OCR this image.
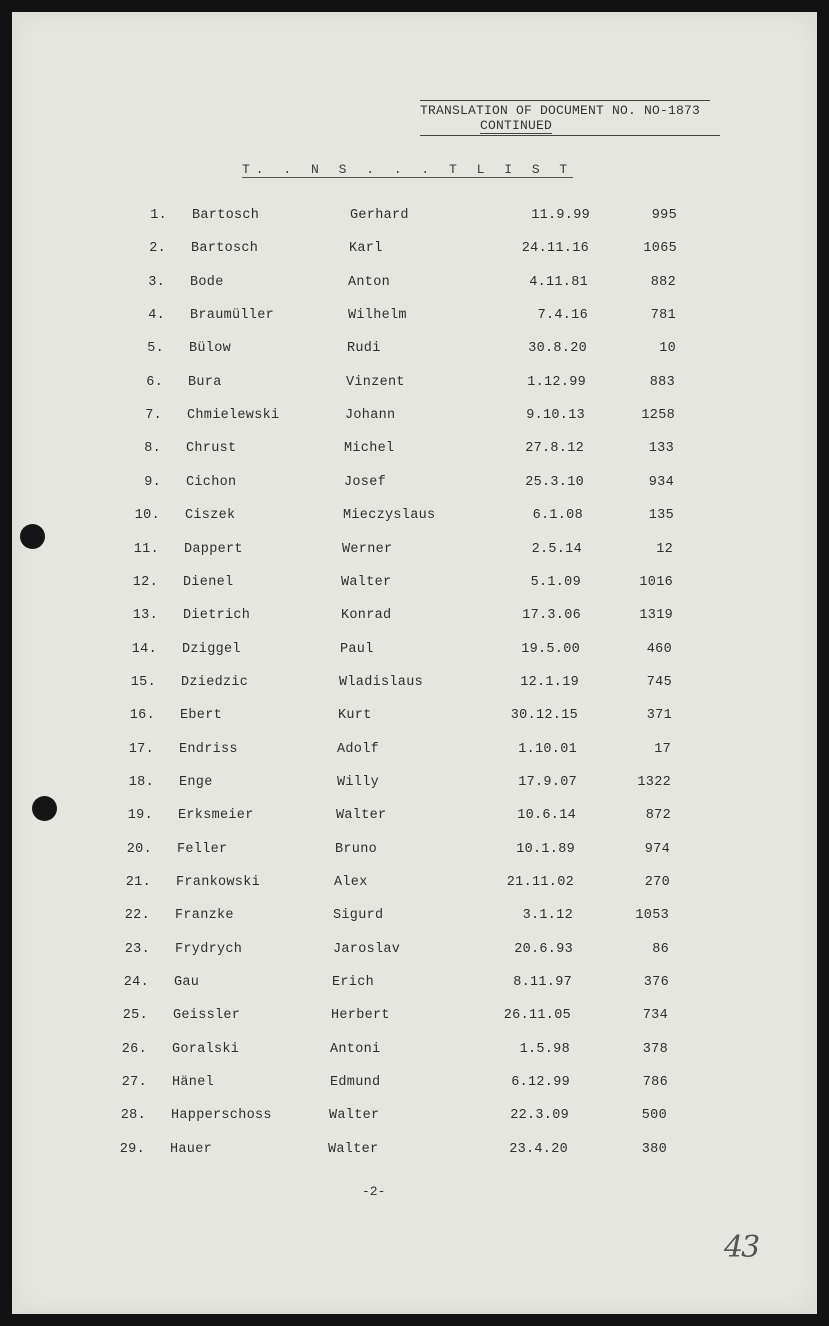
TRANSLATION OF DOCUMENT NO. NO-1873
CONTINUED
T. . N S . . . T L I S T
1. Bartosch	Gerhard	11.9.99	995
2. Bartosch	Karl	24.11.16	1065
3. Bode	Anton	4.11.81	882
4. Braumüller	Wilhelm	7.4.16	781
5. Bülow	Rudi	30.8.20	10
6. Bura	Vinzent	1.12.99	883
7. Chmielewski	Johann	9.10.13	1258
8. Chrust	Michel	27.8.12	133
9. Cichon	Josef	25.3.10	934
10. Ciszek	Mieczyslaus	6.1.08	135
11. Dappert	Werner	2.5.14	12
12. Dienel	Walter	5.1.09	1016
13. Dietrich	Konrad	17.3.06	1319
14. Dziggel	Paul	19.5.00	460
15. Dziedzic	Wladislaus	12.1.19	745
16. Ebert	Kurt	30.12.15	371
17. Endriss	Adolf	1.10.01	17
18. Enge	Willy	17.9.07	1322
19. Erksmeier	Walter	10.6.14	872
20. Feller	Bruno	10.1.89	974
21. Frankowski	Alex	21.11.02	270
22. Franzke	Sigurd	3.1.12	1053
23. Frydrych	Jaroslav	20.6.93	86
24. Gau	Erich	8.11.97	376
25. Geissler	Herbert	26.11.05	734
26. Goralski	Antoni	1.5.98	378
27. Hänel	Edmund	6.12.99	786
28. Happerschoss	Walter	22.3.09	500
29. Hauer	Walter	23.4.20	380
-2-
43
